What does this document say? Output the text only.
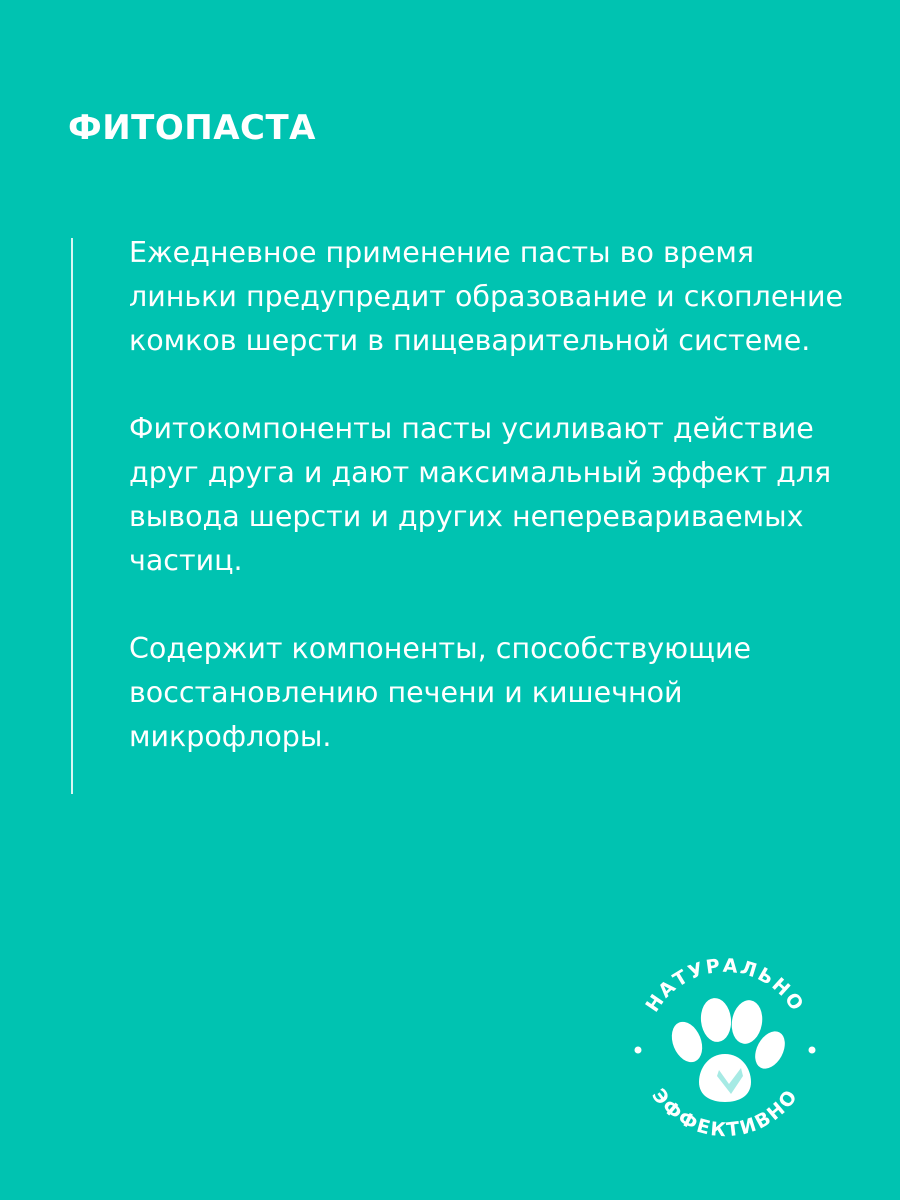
ФИТОПАСТА

Ежедневное применение пасты во время линьки предупредит образование и скопление комков шерсти в пищеварительной системе.

Фитокомпоненты пасты усиливают действие друг друга и дают максимальный эффект для вывода шерсти и других неперевариваемых частиц.

Содержит компоненты, способствующие восстановлению печени и кишечной микрофлоры.

НАТУРАЛЬНО
ЭФФЕКТИВНО
